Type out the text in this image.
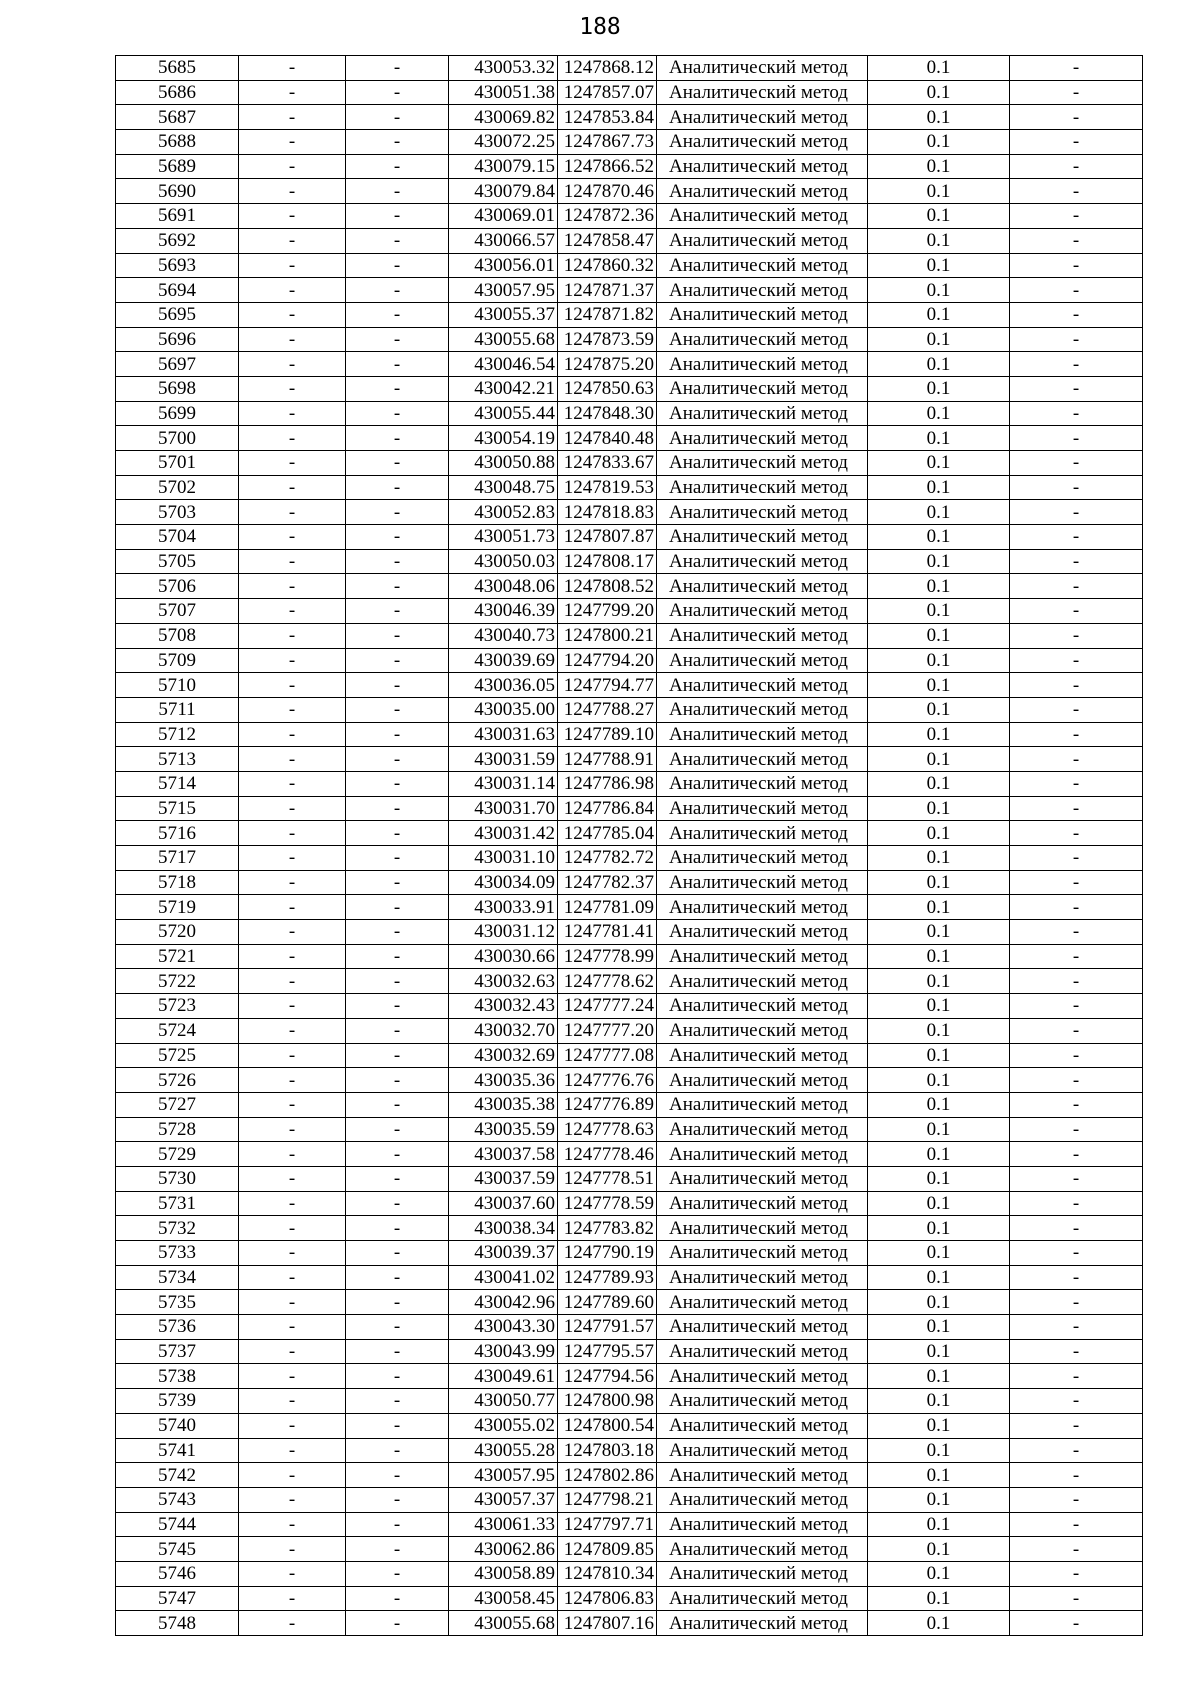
188
5685	-	-	430053.32	1247868.12	Аналитический метод	0.1	-
5686	-	-	430051.38	1247857.07	Аналитический метод	0.1	-
5687	-	-	430069.82	1247853.84	Аналитический метод	0.1	-
5688	-	-	430072.25	1247867.73	Аналитический метод	0.1	-
5689	-	-	430079.15	1247866.52	Аналитический метод	0.1	-
5690	-	-	430079.84	1247870.46	Аналитический метод	0.1	-
5691	-	-	430069.01	1247872.36	Аналитический метод	0.1	-
5692	-	-	430066.57	1247858.47	Аналитический метод	0.1	-
5693	-	-	430056.01	1247860.32	Аналитический метод	0.1	-
5694	-	-	430057.95	1247871.37	Аналитический метод	0.1	-
5695	-	-	430055.37	1247871.82	Аналитический метод	0.1	-
5696	-	-	430055.68	1247873.59	Аналитический метод	0.1	-
5697	-	-	430046.54	1247875.20	Аналитический метод	0.1	-
5698	-	-	430042.21	1247850.63	Аналитический метод	0.1	-
5699	-	-	430055.44	1247848.30	Аналитический метод	0.1	-
5700	-	-	430054.19	1247840.48	Аналитический метод	0.1	-
5701	-	-	430050.88	1247833.67	Аналитический метод	0.1	-
5702	-	-	430048.75	1247819.53	Аналитический метод	0.1	-
5703	-	-	430052.83	1247818.83	Аналитический метод	0.1	-
5704	-	-	430051.73	1247807.87	Аналитический метод	0.1	-
5705	-	-	430050.03	1247808.17	Аналитический метод	0.1	-
5706	-	-	430048.06	1247808.52	Аналитический метод	0.1	-
5707	-	-	430046.39	1247799.20	Аналитический метод	0.1	-
5708	-	-	430040.73	1247800.21	Аналитический метод	0.1	-
5709	-	-	430039.69	1247794.20	Аналитический метод	0.1	-
5710	-	-	430036.05	1247794.77	Аналитический метод	0.1	-
5711	-	-	430035.00	1247788.27	Аналитический метод	0.1	-
5712	-	-	430031.63	1247789.10	Аналитический метод	0.1	-
5713	-	-	430031.59	1247788.91	Аналитический метод	0.1	-
5714	-	-	430031.14	1247786.98	Аналитический метод	0.1	-
5715	-	-	430031.70	1247786.84	Аналитический метод	0.1	-
5716	-	-	430031.42	1247785.04	Аналитический метод	0.1	-
5717	-	-	430031.10	1247782.72	Аналитический метод	0.1	-
5718	-	-	430034.09	1247782.37	Аналитический метод	0.1	-
5719	-	-	430033.91	1247781.09	Аналитический метод	0.1	-
5720	-	-	430031.12	1247781.41	Аналитический метод	0.1	-
5721	-	-	430030.66	1247778.99	Аналитический метод	0.1	-
5722	-	-	430032.63	1247778.62	Аналитический метод	0.1	-
5723	-	-	430032.43	1247777.24	Аналитический метод	0.1	-
5724	-	-	430032.70	1247777.20	Аналитический метод	0.1	-
5725	-	-	430032.69	1247777.08	Аналитический метод	0.1	-
5726	-	-	430035.36	1247776.76	Аналитический метод	0.1	-
5727	-	-	430035.38	1247776.89	Аналитический метод	0.1	-
5728	-	-	430035.59	1247778.63	Аналитический метод	0.1	-
5729	-	-	430037.58	1247778.46	Аналитический метод	0.1	-
5730	-	-	430037.59	1247778.51	Аналитический метод	0.1	-
5731	-	-	430037.60	1247778.59	Аналитический метод	0.1	-
5732	-	-	430038.34	1247783.82	Аналитический метод	0.1	-
5733	-	-	430039.37	1247790.19	Аналитический метод	0.1	-
5734	-	-	430041.02	1247789.93	Аналитический метод	0.1	-
5735	-	-	430042.96	1247789.60	Аналитический метод	0.1	-
5736	-	-	430043.30	1247791.57	Аналитический метод	0.1	-
5737	-	-	430043.99	1247795.57	Аналитический метод	0.1	-
5738	-	-	430049.61	1247794.56	Аналитический метод	0.1	-
5739	-	-	430050.77	1247800.98	Аналитический метод	0.1	-
5740	-	-	430055.02	1247800.54	Аналитический метод	0.1	-
5741	-	-	430055.28	1247803.18	Аналитический метод	0.1	-
5742	-	-	430057.95	1247802.86	Аналитический метод	0.1	-
5743	-	-	430057.37	1247798.21	Аналитический метод	0.1	-
5744	-	-	430061.33	1247797.71	Аналитический метод	0.1	-
5745	-	-	430062.86	1247809.85	Аналитический метод	0.1	-
5746	-	-	430058.89	1247810.34	Аналитический метод	0.1	-
5747	-	-	430058.45	1247806.83	Аналитический метод	0.1	-
5748	-	-	430055.68	1247807.16	Аналитический метод	0.1	-
